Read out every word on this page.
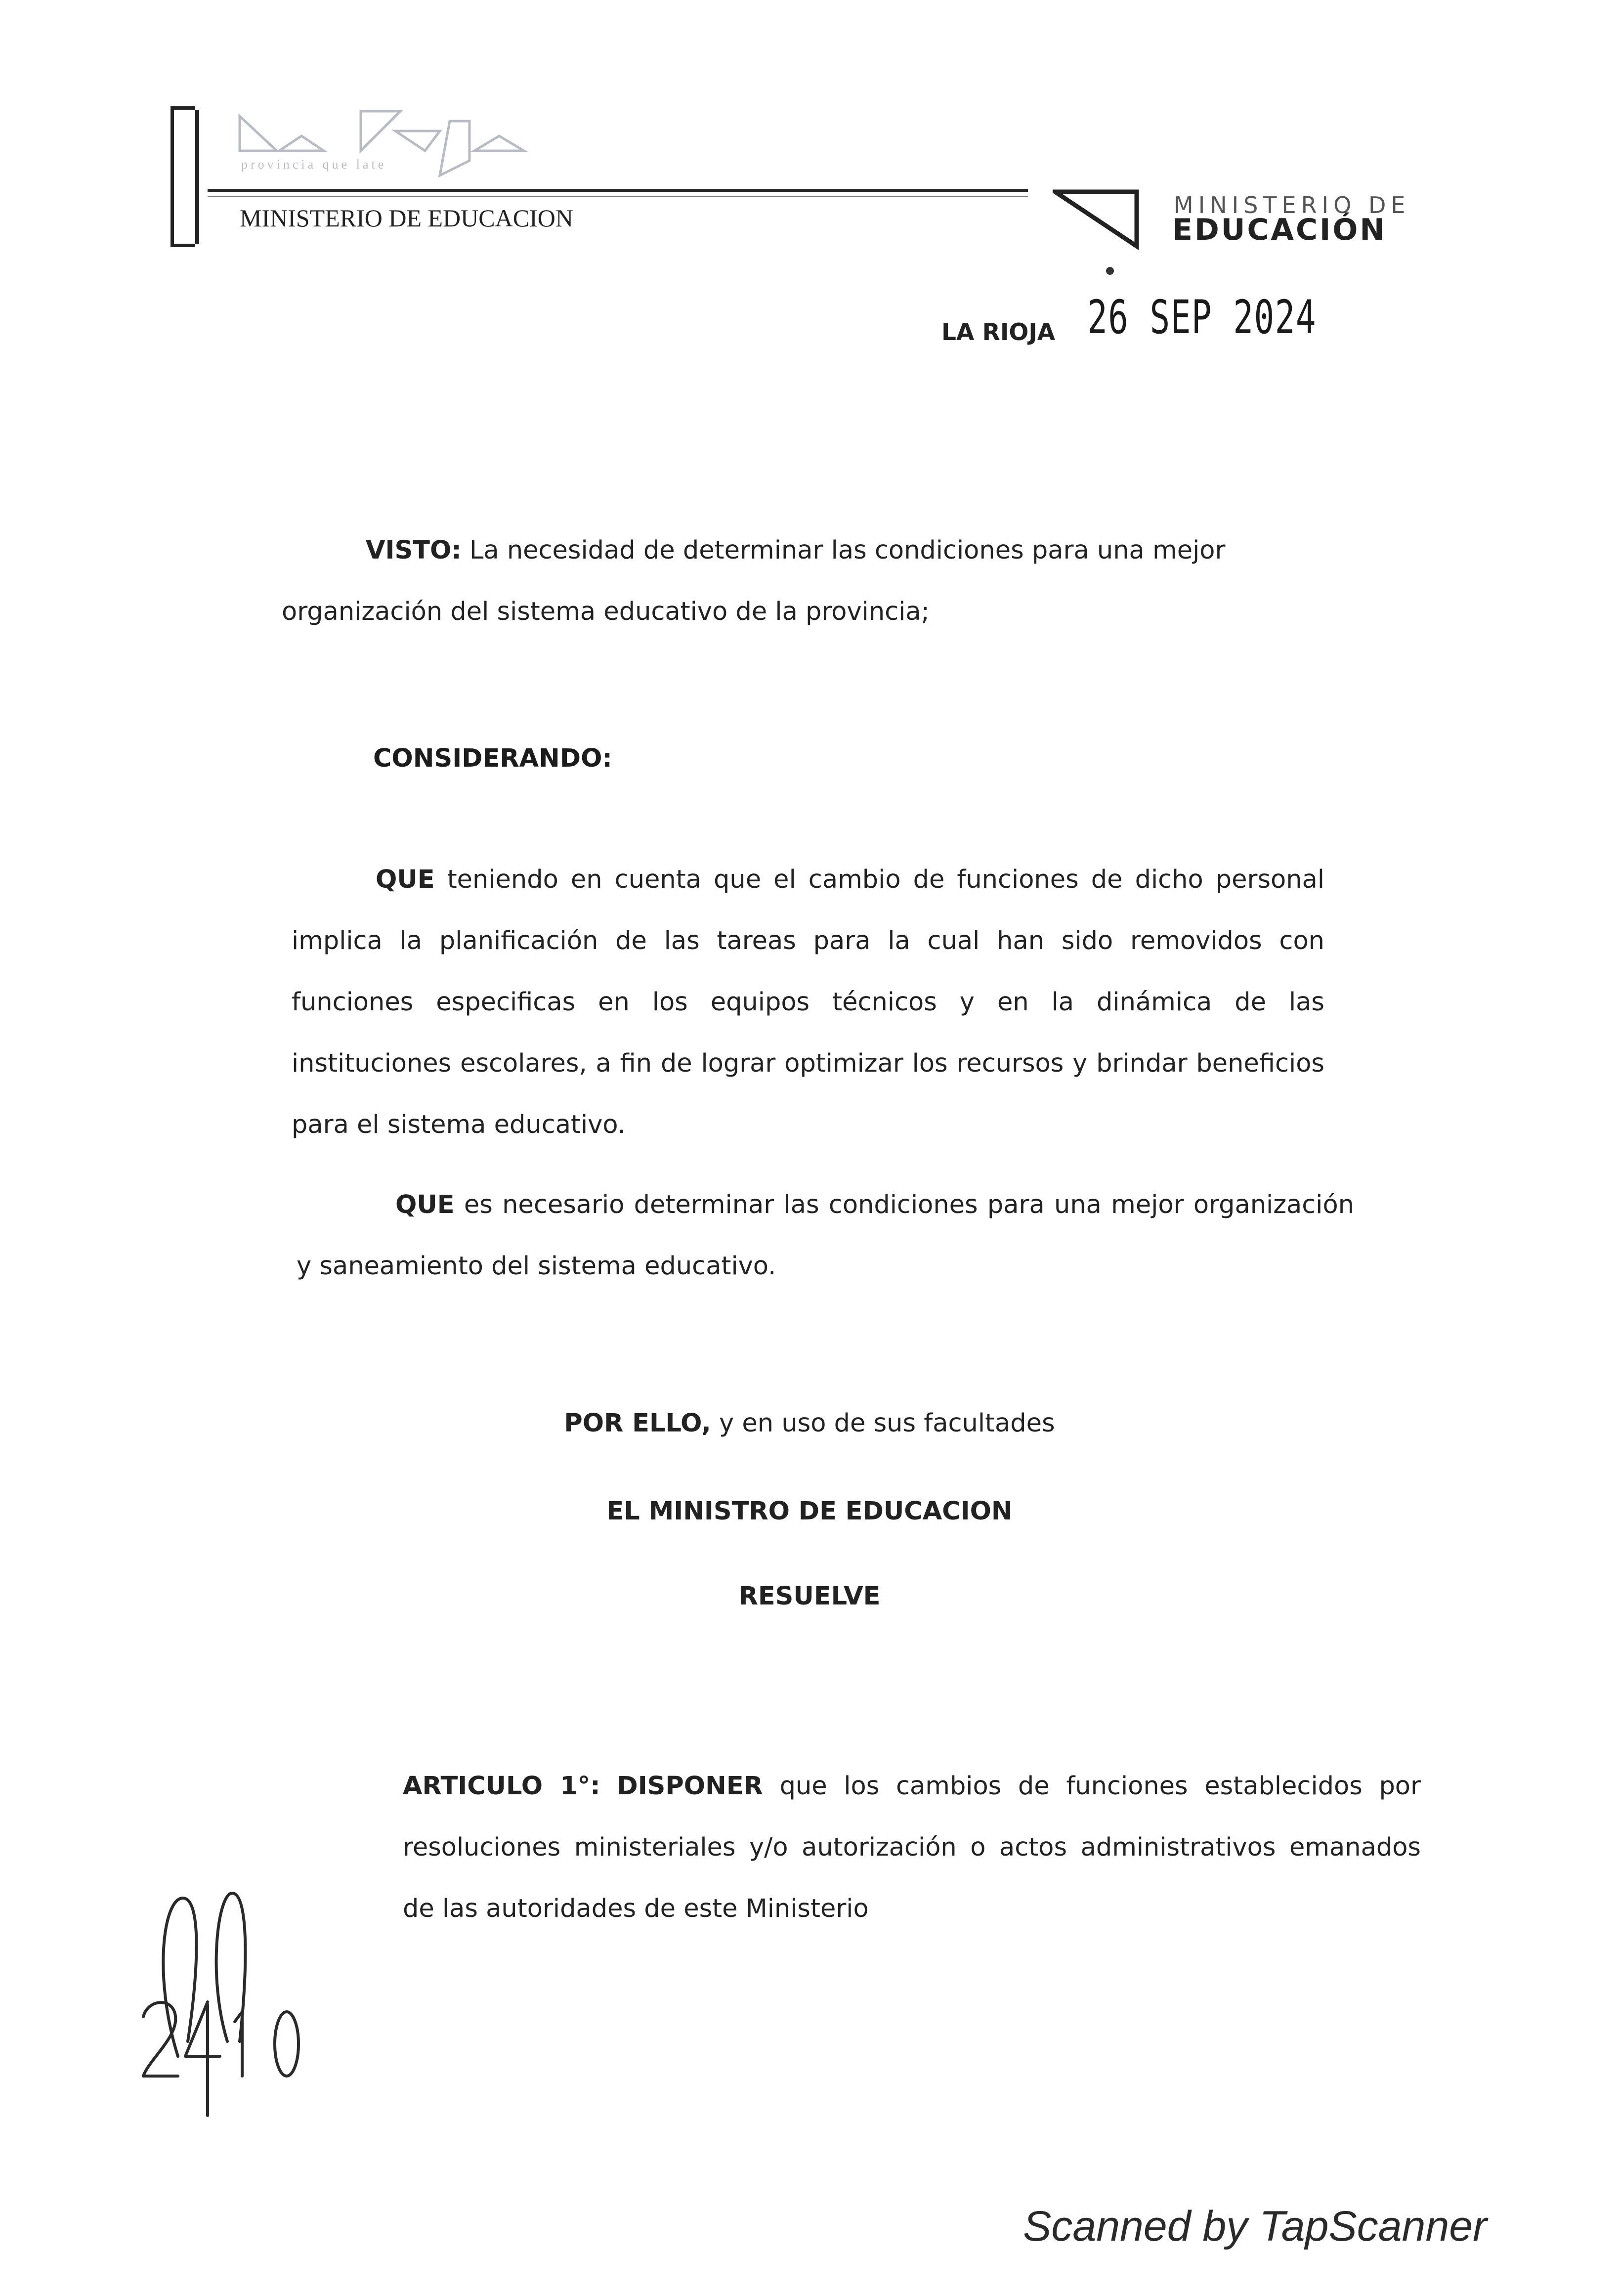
provincia que late
MINISTERIO DE EDUCACION	MINISTERIO DE
EDUCACIÓN
LA RIOJA 26 SEP 2024
VISTO: La necesidad de determinar las condiciones para una mejor organización del sistema educativo de la provincia;
CONSIDERANDO:
QUE teniendo en cuenta que el cambio de funciones de dicho personal implica la planificación de las tareas para la cual han sido removidos con funciones especificas en los equipos técnicos y en la dinámica de las instituciones escolares, a fin de lograr optimizar los recursos y brindar beneficios para el sistema educativo.
QUE es necesario determinar las condiciones para una mejor organización y saneamiento del sistema educativo.
POR ELLO, y en uso de sus facultades
EL MINISTRO DE EDUCACION
RESUELVE
ARTICULO 1°: DISPONER que los cambios de funciones establecidos por resoluciones ministeriales y/o autorización o actos administrativos emanados de las autoridades de este Ministerio
Scanned by TapScanner
